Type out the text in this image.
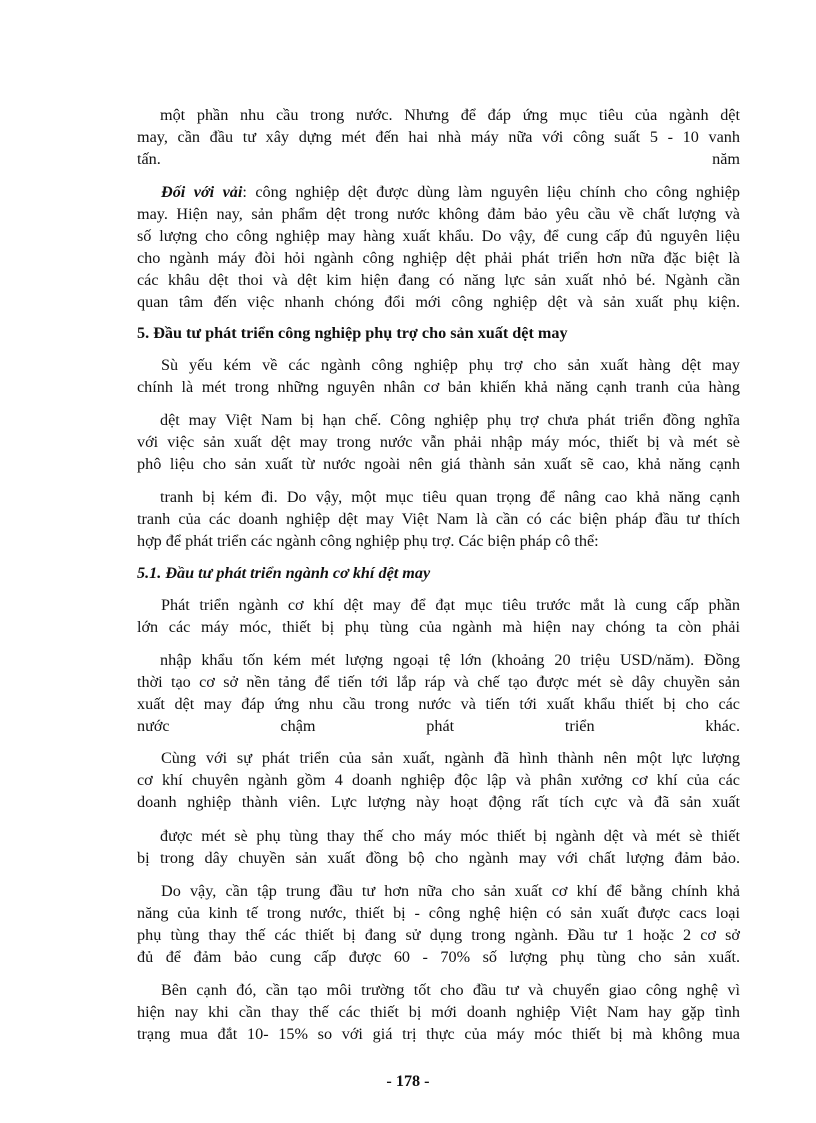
một phần nhu cầu trong nước. Nhưng để đáp ứng mục tiêu của ngành dệt
may, cần đầu tư xây dựng mét đến hai nhà máy nữa với công suất 5 - 10 vanh
tấn.	năm
Đối với vải: công nghiệp dệt được dùng làm nguyên liệu chính cho công nghiệp
may. Hiện nay, sản phẩm dệt trong nước không đảm bảo yêu cầu về chất lượng và
số lượng cho công nghiệp may hàng xuất khẩu. Do vậy, để cung cấp đủ nguyên liệu
cho ngành máy đòi hỏi ngành công nghiệp dệt phải phát triển hơn nữa đặc biệt là
các khâu dệt thoi và dệt kim hiện đang có năng lực sản xuất nhỏ bé. Ngành cần
quan tâm đến việc nhanh chóng đổi mới công nghiệp dệt và sản xuất phụ kiện.
5. Đầu tư phát triển công nghiệp phụ trợ cho sản xuất dệt may
Sù yếu kém về các ngành công nghiệp phụ trợ cho sản xuất hàng dệt may
chính là mét trong những nguyên nhân cơ bản khiến khả năng cạnh tranh của hàng
dệt may Việt Nam bị hạn chế. Công nghiệp phụ trợ chưa phát triển đồng nghĩa
với việc sản xuất dệt may trong nước vẫn phải nhập máy móc, thiết bị và mét sè
phô liệu cho sản xuất từ nước ngoài nên giá thành sản xuất sẽ cao, khả năng cạnh
tranh bị kém đi. Do vậy, một mục tiêu quan trọng để nâng cao khả năng cạnh
tranh của các doanh nghiệp dệt may Việt Nam là cần có các biện pháp đầu tư thích
hợp để phát triển các ngành công nghiệp phụ trợ. Các biện pháp cô thể:
5.1. Đầu tư phát triển ngành cơ khí dệt may
Phát triển ngành cơ khí dệt may để đạt mục tiêu trước mắt là cung cấp phần
lớn các máy móc, thiết bị phụ tùng của ngành mà hiện nay chóng ta còn phải
nhập khẩu tốn kém mét lượng ngoại tệ lớn (khoảng 20 triệu USD/năm). Đồng
thời tạo cơ sở nền tảng để tiến tới lắp ráp và chế tạo được mét sè dây chuyền sản
xuất dệt may đáp ứng nhu cầu trong nước và tiến tới xuất khẩu thiết bị cho các
nước chậm phát triển khác.
Cùng với sự phát triển của sản xuất, ngành đã hình thành nên một lực lượng
cơ khí chuyên ngành gồm 4 doanh nghiệp độc lập và phân xưởng cơ khí của các
doanh nghiệp thành viên. Lực lượng này hoạt động rất tích cực và đã sản xuất
được mét sè phụ tùng thay thế cho máy móc thiết bị ngành dệt và mét sè thiết
bị trong dây chuyền sản xuất đồng bộ cho ngành may với chất lượng đảm bảo.
Do vậy, cần tập trung đầu tư hơn nữa cho sản xuất cơ khí để bằng chính khả
năng của kinh tế trong nước, thiết bị - công nghệ hiện có sản xuất được cacs loại
phụ tùng thay thế các thiết bị đang sử dụng trong ngành. Đầu tư 1 hoặc 2 cơ sở
đủ để đảm bảo cung cấp được 60 - 70% số lượng phụ tùng cho sản xuất.
Bên cạnh đó, cần tạo môi trường tốt cho đầu tư và chuyển giao công nghệ vì
hiện nay khi cần thay thế các thiết bị mới doanh nghiệp Việt Nam hay gặp tình
trạng mua đắt 10- 15% so với giá trị thực của máy móc thiết bị mà không mua
- 178 -
